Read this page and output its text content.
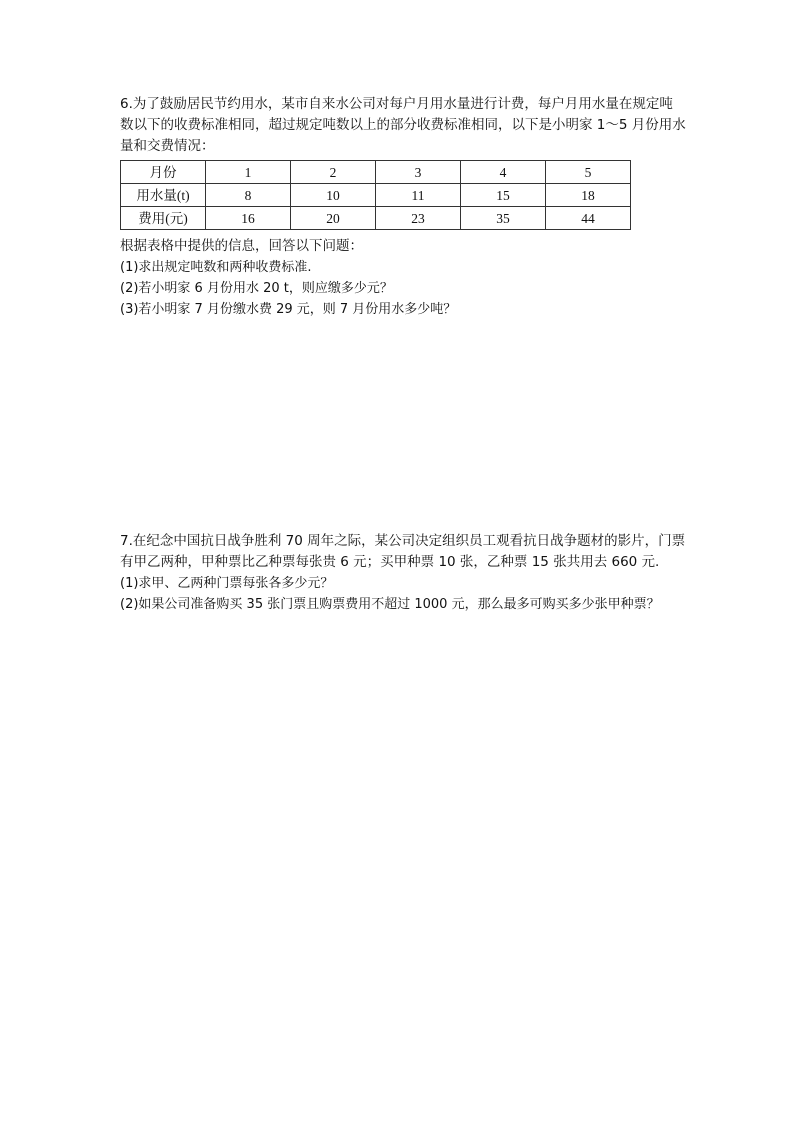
6.为了鼓励居民节约用水，某市自来水公司对每户月用水量进行计费，每户月用水量在规定吨
数以下的收费标准相同，超过规定吨数以上的部分收费标准相同，以下是小明家 1～5 月份用水
量和交费情况：
月份	1	2	3	4	5
用水量(t)	8	10	11	15	18
费用(元)	16	20	23	35	44
根据表格中提供的信息，回答以下问题：
(1)求出规定吨数和两种收费标准.
(2)若小明家 6 月份用水 20 t，则应缴多少元？
(3)若小明家 7 月份缴水费 29 元，则 7 月份用水多少吨？
7.在纪念中国抗日战争胜利 70 周年之际，某公司决定组织员工观看抗日战争题材的影片，门票
有甲乙两种，甲种票比乙种票每张贵 6 元；买甲种票 10 张，乙种票 15 张共用去 660 元.
(1)求甲、乙两种门票每张各多少元？
(2)如果公司准备购买 35 张门票且购票费用不超过 1000 元，那么最多可购买多少张甲种票？
